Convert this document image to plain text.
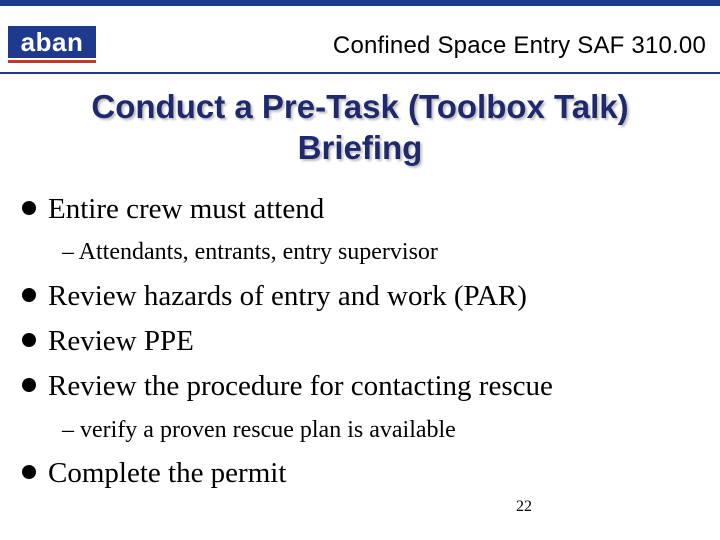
aban	Confined Space Entry SAF 310.00
Conduct a Pre-Task (Toolbox Talk)
Briefing
Entire crew must attend
– Attendants, entrants, entry supervisor
Review hazards of entry and work (PAR)
Review PPE
Review the procedure for contacting rescue
– verify a proven rescue plan is available
Complete the permit
22
